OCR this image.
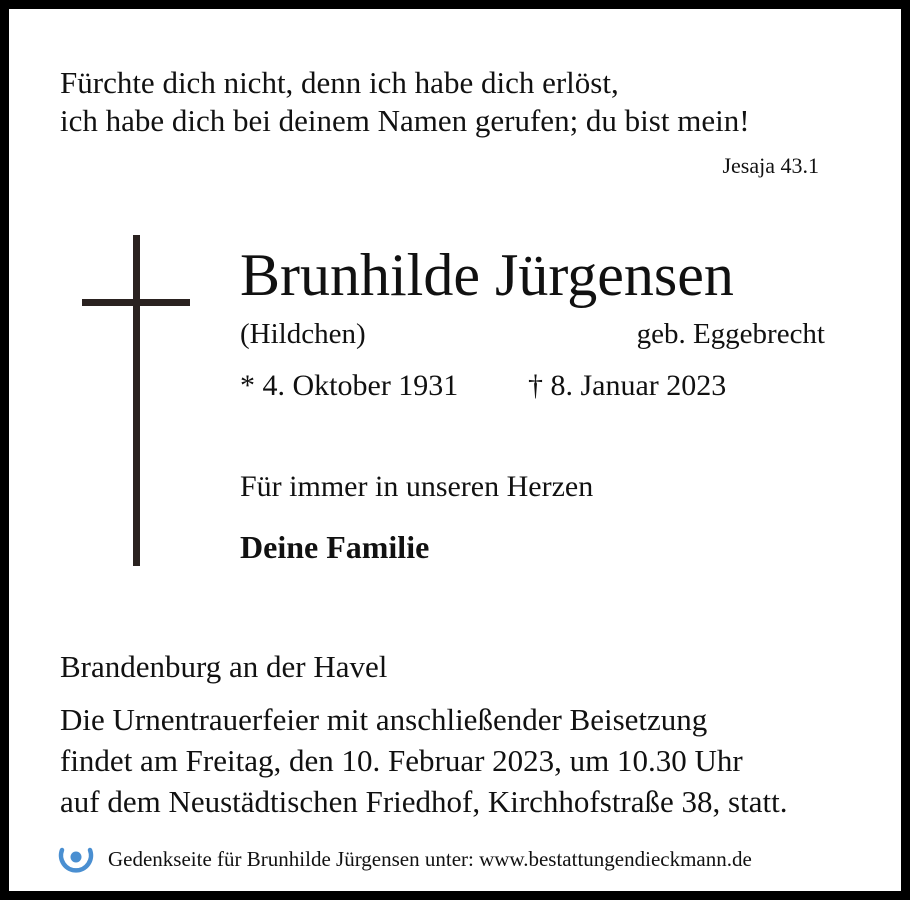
Fürchte dich nicht, denn ich habe dich erlöst,
ich habe dich bei deinem Namen gerufen; du bist mein!
Jesaja 43.1
Brunhilde Jürgensen
(Hildchen)	geb. Eggebrecht
* 4. Oktober 1931 † 8. Januar 2023
Für immer in unseren Herzen
Deine Familie
Brandenburg an der Havel
Die Urnentrauerfeier mit anschließender Beisetzung
findet am Freitag, den 10. Februar 2023, um 10.30 Uhr
auf dem Neustädtischen Friedhof, Kirchhofstraße 38, statt.
Gedenkseite für Brunhilde Jürgensen unter: www.bestattungendieckmann.de
